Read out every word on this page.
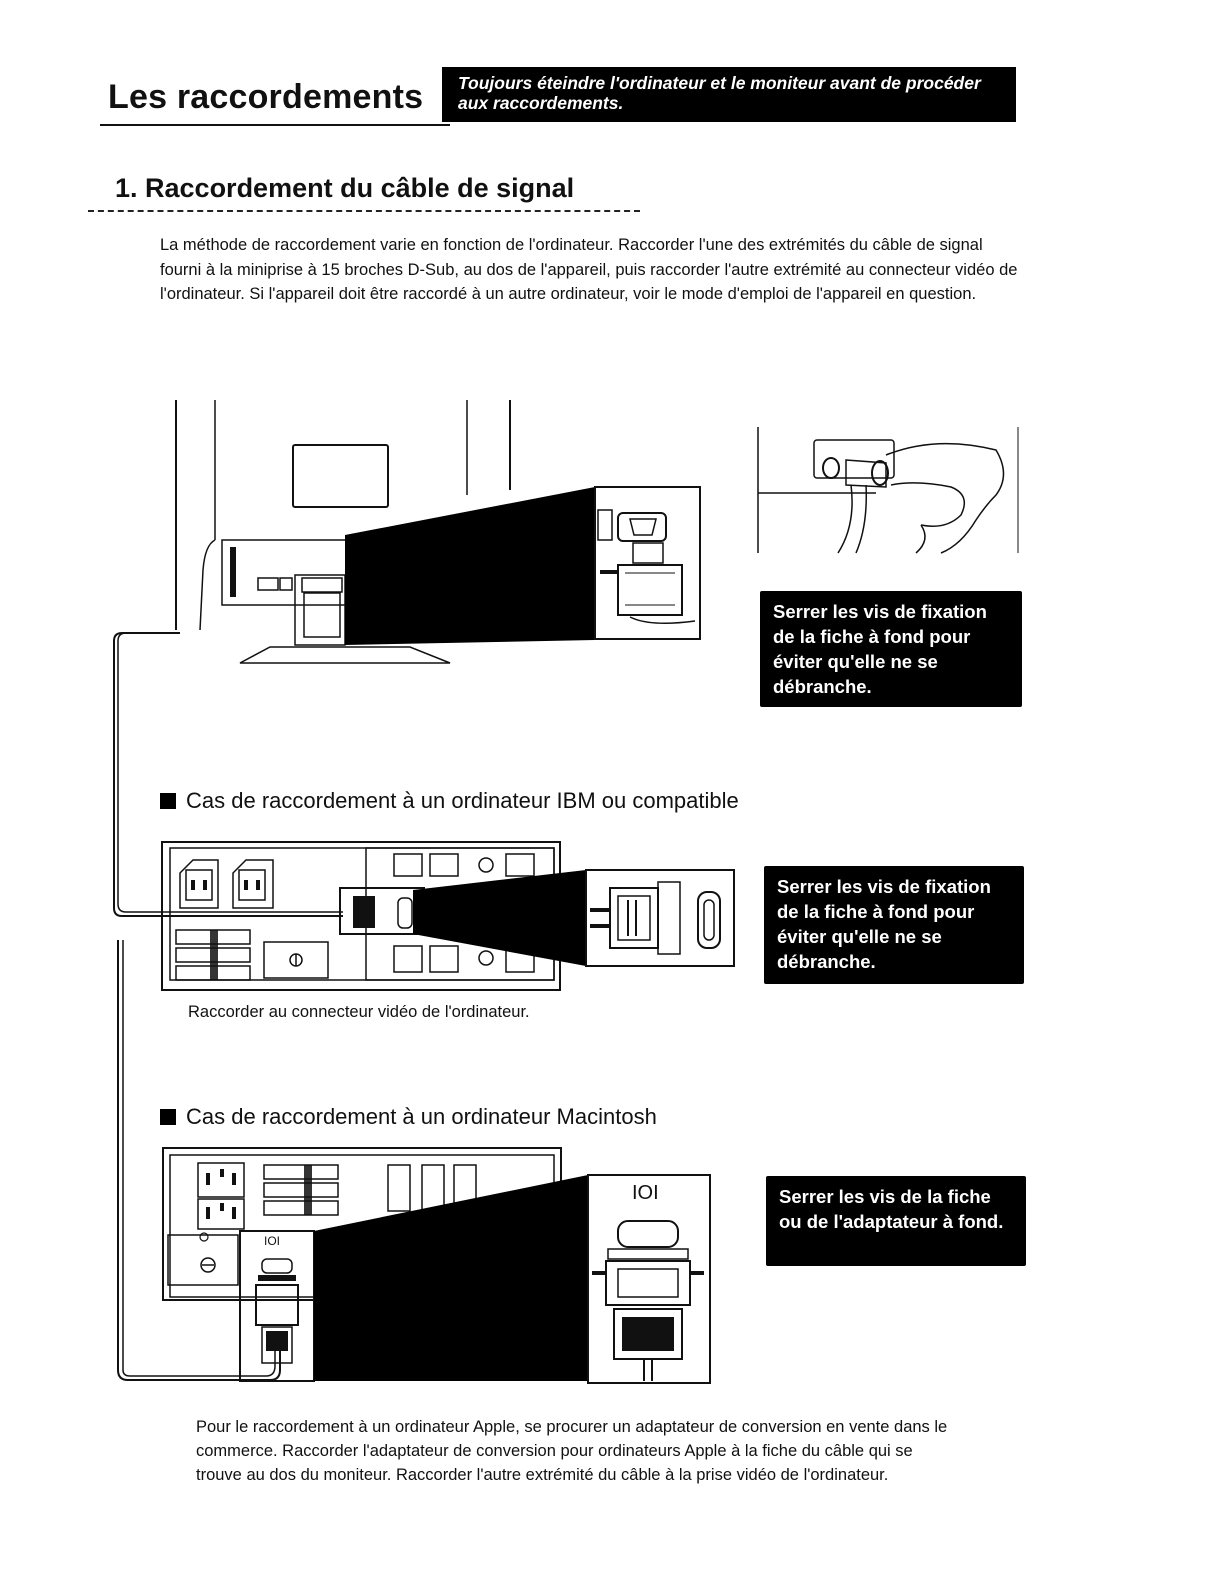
Les raccordements	Toujours éteindre l'ordinateur et le moniteur avant de procéder aux raccordements.
1. Raccordement du câble de signal
La méthode de raccordement varie en fonction de l'ordinateur. Raccorder l'une des extrémités du câble de signal fourni à la miniprise à 15 broches D-Sub, au dos de l'appareil, puis raccorder l'autre extrémité au connecteur vidéo de l'ordinateur. Si l'appareil doit être raccordé à un autre ordinateur, voir le mode d'emploi de l'appareil en question.
Serrer les vis de fixation de la fiche à fond pour éviter qu'elle ne se débranche.
Cas de raccordement à un ordinateur IBM ou compatible
Serrer les vis de fixation de la fiche à fond pour éviter qu'elle ne se débranche.
Raccorder au connecteur vidéo de l'ordinateur.
Cas de raccordement à un ordinateur Macintosh
IOI
IOI	Serrer les vis de la fiche ou de l'adaptateur à fond.
Pour le raccordement à un ordinateur Apple, se procurer un adaptateur de conversion en vente dans le commerce. Raccorder l'adaptateur de conversion pour ordinateurs Apple à la fiche du câble qui se trouve au dos du moniteur. Raccorder l'autre extrémité du câble à la prise vidéo de l'ordinateur.
